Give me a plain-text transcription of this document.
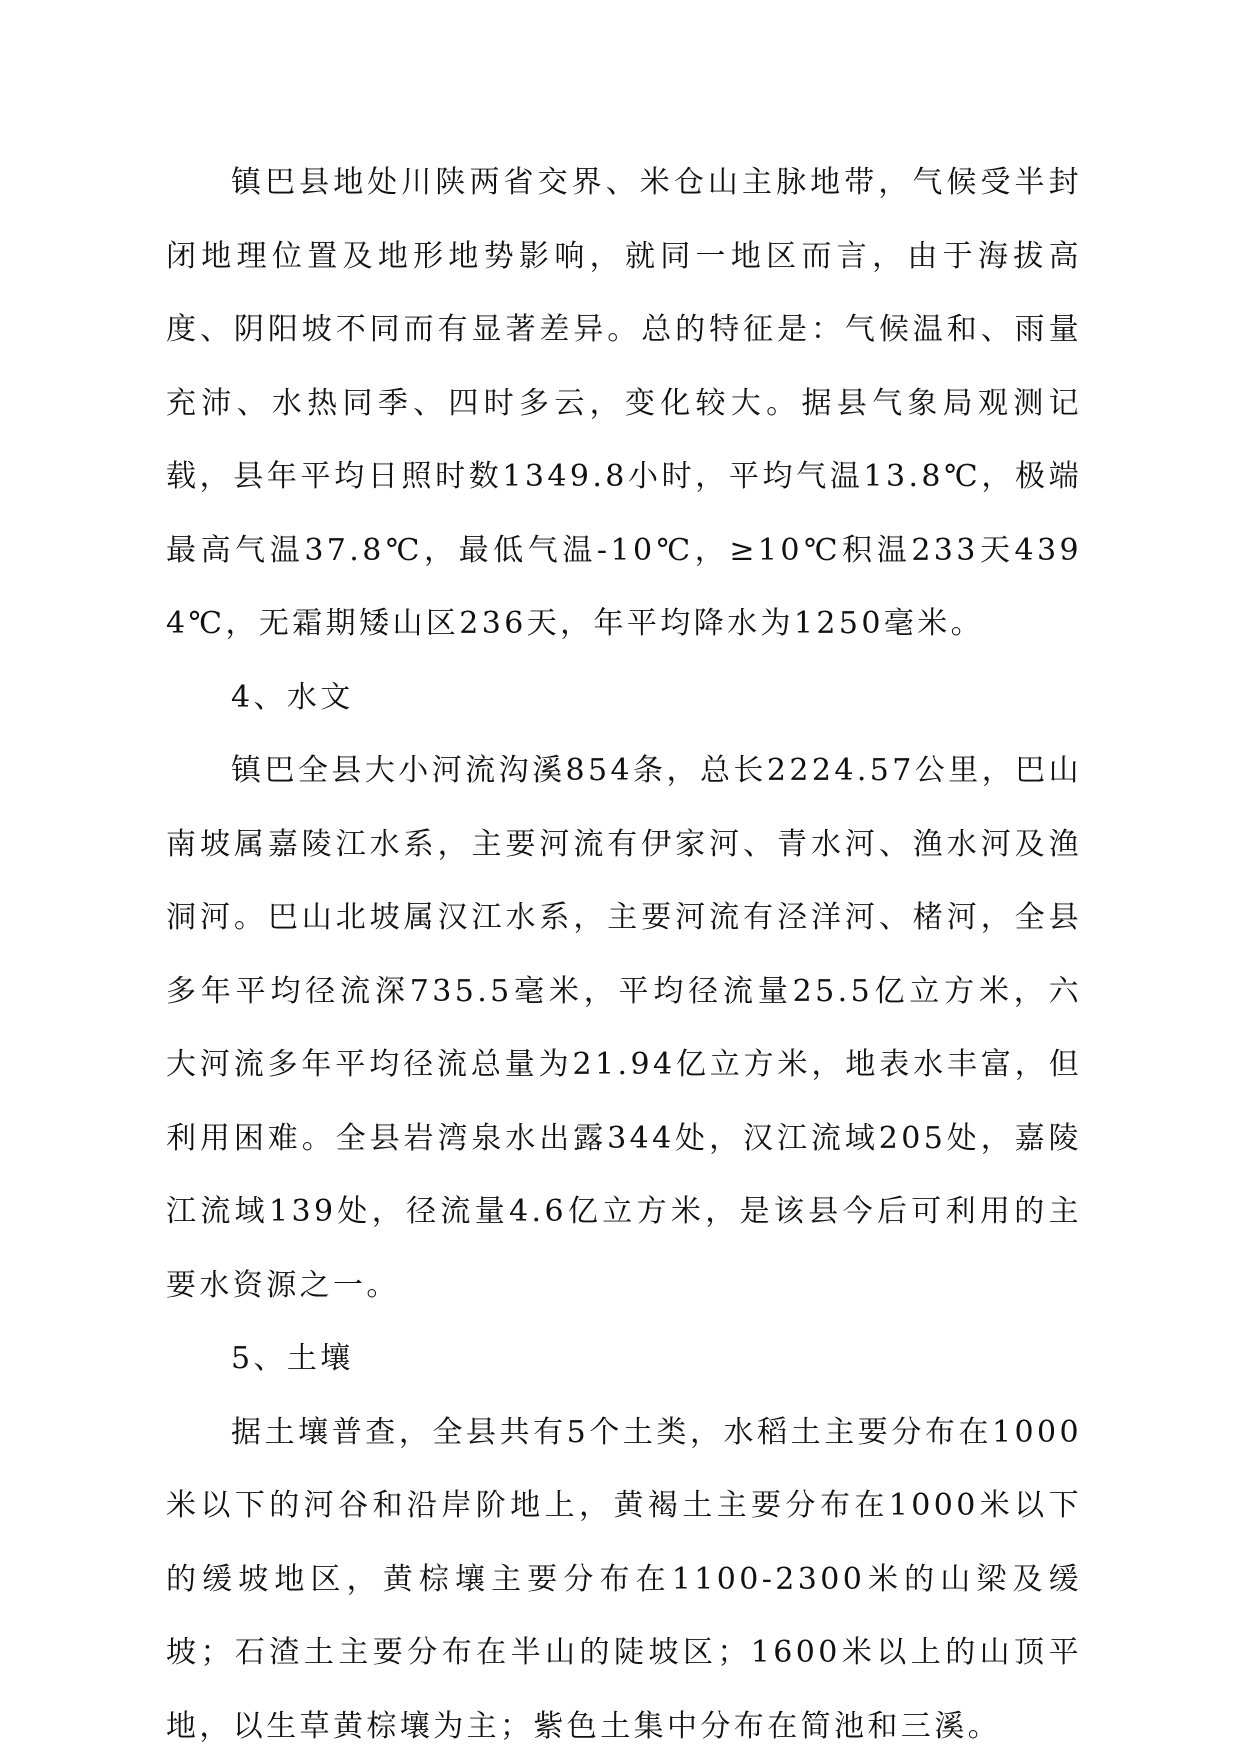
镇巴县地处川陕两省交界、米仓山主脉地带，气候受半封闭地理位置及地形地势影响，就同一地区而言，由于海拔高度、阴阳坡不同而有显著差异。总的特征是：气候温和、雨量充沛、水热同季、四时多云，变化较大。据县气象局观测记载，县年平均日照时数1349.8小时，平均气温13.8℃，极端最高气温37.8℃，最低气温-10℃，≥10℃积温233天4394℃，无霜期矮山区236天，年平均降水为1250毫米。

4、水文

镇巴全县大小河流沟溪854条，总长2224.57公里，巴山南坡属嘉陵江水系，主要河流有伊家河、青水河、渔水河及渔洞河。巴山北坡属汉江水系，主要河流有泾洋河、楮河，全县多年平均径流深735.5毫米，平均径流量25.5亿立方米，六大河流多年平均径流总量为21.94亿立方米，地表水丰富，但利用困难。全县岩湾泉水出露344处，汉江流域205处，嘉陵江流域139处，径流量4.6亿立方米，是该县今后可利用的主要水资源之一。

5、土壤

据土壤普查，全县共有5个土类，水稻土主要分布在1000米以下的河谷和沿岸阶地上，黄褐土主要分布在1000米以下的缓坡地区，黄棕壤主要分布在1100-2300米的山梁及缓坡；石渣土主要分布在半山的陡坡区；1600米以上的山顶平地，以生草黄棕壤为主；紫色土集中分布在简池和三溪。
